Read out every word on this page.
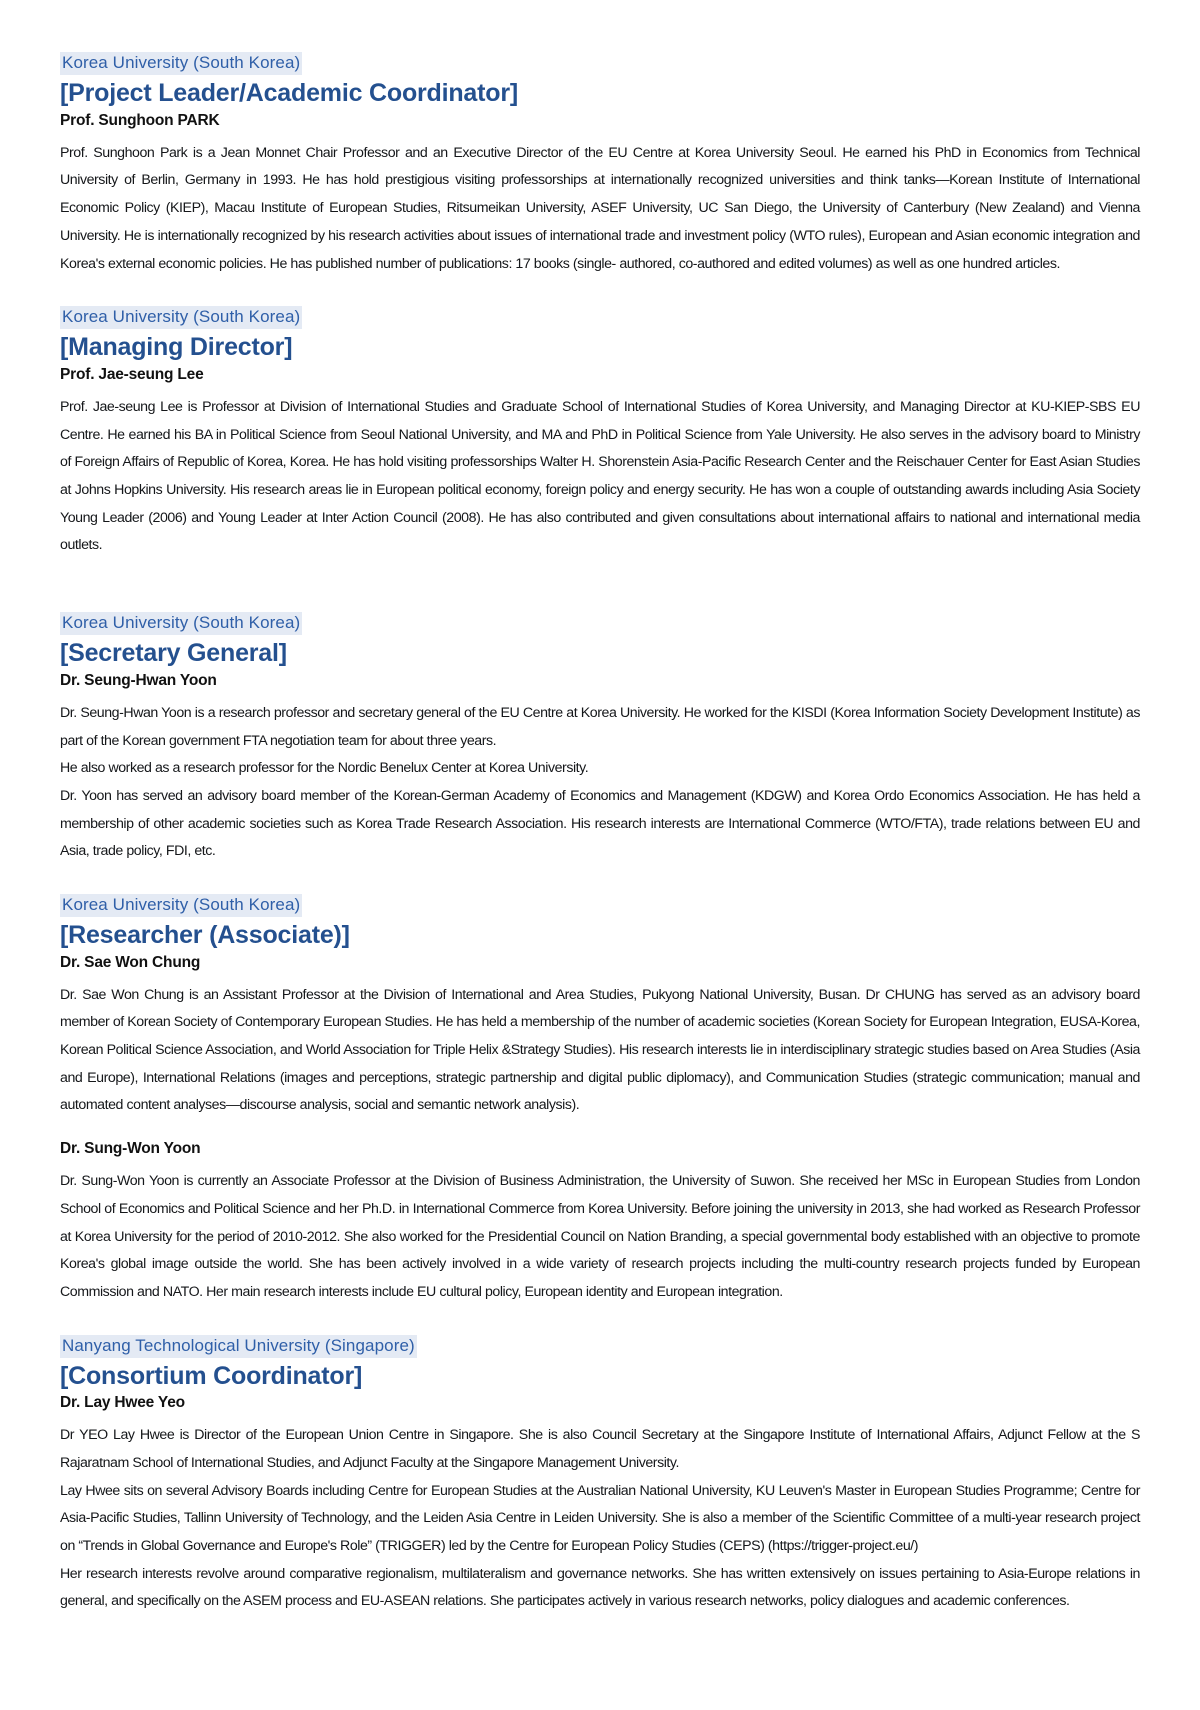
Korea University (South Korea)
[Project Leader/Academic Coordinator]
Prof. Sunghoon PARK

Prof. Sunghoon Park is a Jean Monnet Chair Professor and an Executive Director of the EU Centre at Korea University Seoul. He earned his PhD in Economics from Technical University of Berlin, Germany in 1993. He has hold prestigious visiting professorships at internationally recognized universities and think tanks—Korean Institute of International Economic Policy (KIEP), Macau Institute of European Studies, Ritsumeikan University, ASEF University, UC San Diego, the University of Canterbury (New Zealand) and Vienna University. He is internationally recognized by his research activities about issues of international trade and investment policy (WTO rules), European and Asian economic integration and Korea's external economic policies. He has published number of publications: 17 books (single- authored, co-authored and edited volumes) as well as one hundred articles.

Korea University (South Korea)
[Managing Director]
Prof. Jae-seung Lee

Prof. Jae-seung Lee is Professor at Division of International Studies and Graduate School of International Studies of Korea University, and Managing Director at KU-KIEP-SBS EU Centre. He earned his BA in Political Science from Seoul National University, and MA and PhD in Political Science from Yale University. He also serves in the advisory board to Ministry of Foreign Affairs of Republic of Korea, Korea. He has hold visiting professorships Walter H. Shorenstein Asia-Pacific Research Center and the Reischauer Center for East Asian Studies at Johns Hopkins University. His research areas lie in European political economy, foreign policy and energy security. He has won a couple of outstanding awards including Asia Society Young Leader (2006) and Young Leader at Inter Action Council (2008). He has also contributed and given consultations about international affairs to national and international media outlets.

Korea University (South Korea)
[Secretary General]
Dr. Seung-Hwan Yoon

Dr. Seung-Hwan Yoon is a research professor and secretary general of the EU Centre at Korea University. He worked for the KISDI (Korea Information Society Development Institute) as part of the Korean government FTA negotiation team for about three years.

He also worked as a research professor for the Nordic Benelux Center at Korea University.

Dr. Yoon has served an advisory board member of the Korean-German Academy of Economics and Management (KDGW) and Korea Ordo Economics Association. He has held a membership of other academic societies such as Korea Trade Research Association. His research interests are International Commerce (WTO/FTA), trade relations between EU and Asia, trade policy, FDI, etc.

Korea University (South Korea)
[Researcher (Associate)]
Dr. Sae Won Chung

Dr. Sae Won Chung is an Assistant Professor at the Division of International and Area Studies, Pukyong National University, Busan. Dr CHUNG has served as an advisory board member of Korean Society of Contemporary European Studies. He has held a membership of the number of academic societies (Korean Society for European Integration, EUSA-Korea, Korean Political Science Association, and World Association for Triple Helix &Strategy Studies). His research interests lie in interdisciplinary strategic studies based on Area Studies (Asia and Europe), International Relations (images and perceptions, strategic partnership and digital public diplomacy), and Communication Studies (strategic communication; manual and automated content analyses—discourse analysis, social and semantic network analysis).

Dr. Sung-Won Yoon

Dr. Sung-Won Yoon is currently an Associate Professor at the Division of Business Administration, the University of Suwon. She received her MSc in European Studies from London School of Economics and Political Science and her Ph.D. in International Commerce from Korea University. Before joining the university in 2013, she had worked as Research Professor at Korea University for the period of 2010-2012. She also worked for the Presidential Council on Nation Branding, a special governmental body established with an objective to promote Korea's global image outside the world. She has been actively involved in a wide variety of research projects including the multi-country research projects funded by European Commission and NATO. Her main research interests include EU cultural policy, European identity and European integration.

Nanyang Technological University (Singapore)
[Consortium Coordinator]
Dr. Lay Hwee Yeo

Dr YEO Lay Hwee is Director of the European Union Centre in Singapore. She is also Council Secretary at the Singapore Institute of International Affairs, Adjunct Fellow at the S Rajaratnam School of International Studies, and Adjunct Faculty at the Singapore Management University.

Lay Hwee sits on several Advisory Boards including Centre for European Studies at the Australian National University, KU Leuven's Master in European Studies Programme; Centre for Asia-Pacific Studies, Tallinn University of Technology, and the Leiden Asia Centre in Leiden University. She is also a member of the Scientific Committee of a multi-year research project on “Trends in Global Governance and Europe's Role” (TRIGGER) led by the Centre for European Policy Studies (CEPS) (https://trigger-project.eu/)

Her research interests revolve around comparative regionalism, multilateralism and governance networks. She has written extensively on issues pertaining to Asia-Europe relations in general, and specifically on the ASEM process and EU-ASEAN relations. She participates actively in various research networks, policy dialogues and academic conferences.
